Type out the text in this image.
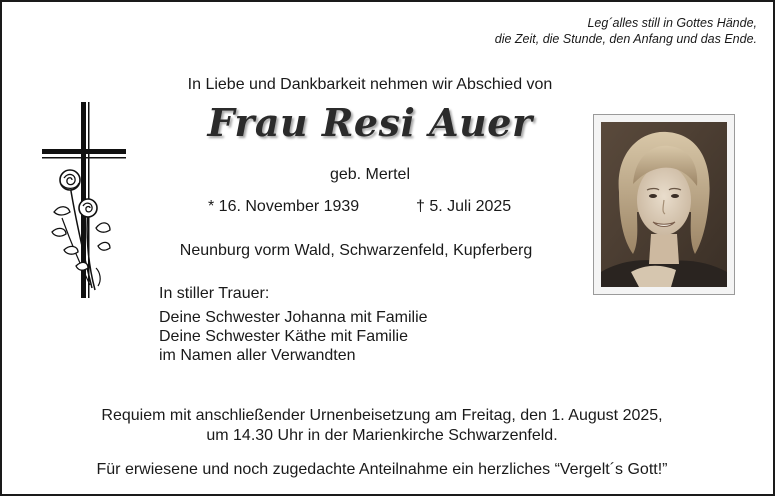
Leg´alles still in Gottes Hände,
die Zeit, die Stunde, den Anfang und das Ende.
In Liebe und Dankbarkeit nehmen wir Abschied von
Frau Resi Auer
geb. Mertel
* 16. November 1939	† 5. Juli 2025
Neunburg vorm Wald, Schwarzenfeld, Kupferberg
In stiller Trauer:
Deine Schwester Johanna mit Familie
Deine Schwester Käthe mit Familie
im Namen aller Verwandten
Requiem mit anschließender Urnenbeisetzung am Freitag, den 1. August 2025,
um 14.30 Uhr in der Marienkirche Schwarzenfeld.
Für erwiesene und noch zugedachte Anteilnahme ein herzliches “Vergelt´s Gott!”
